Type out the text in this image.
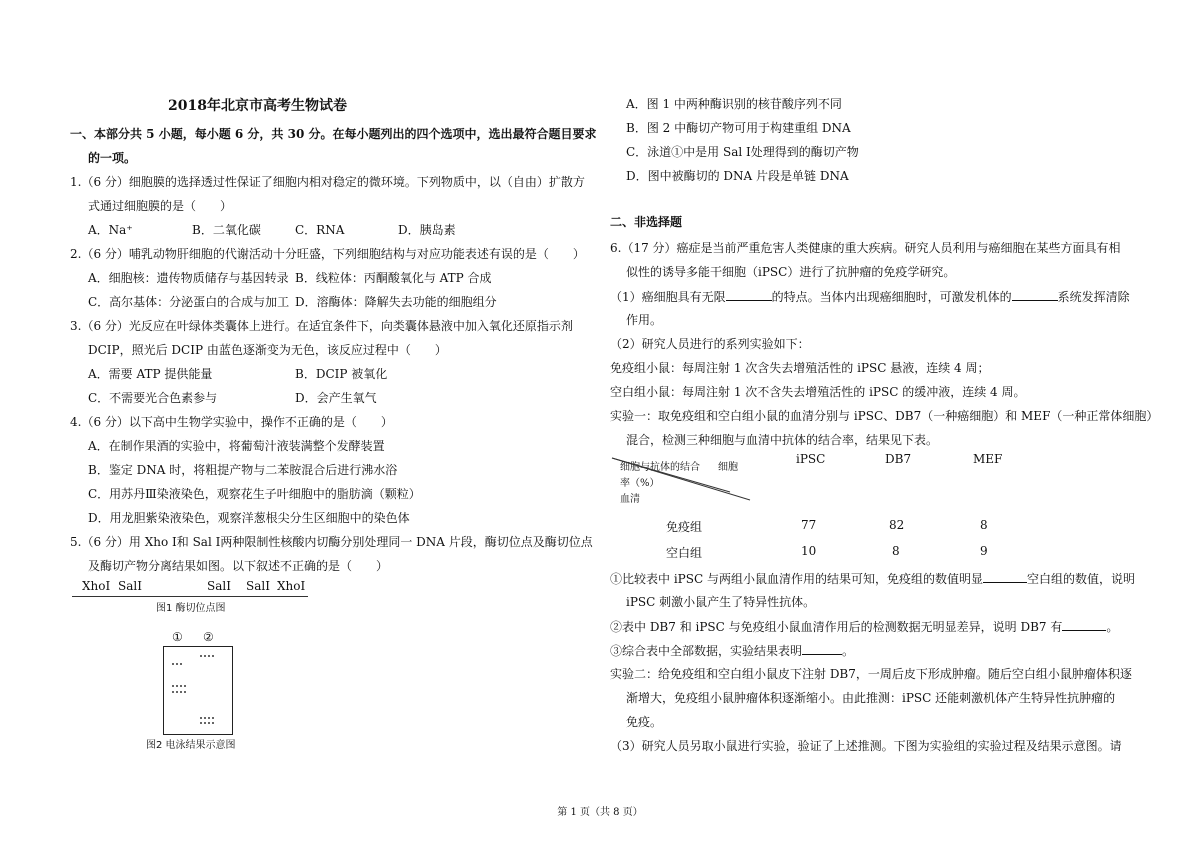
2018年北京市高考生物试卷
一、本部分共 5 小题，每小题 6 分，共 30 分。在每小题列出的四个选项中，选出最符合题目要求
的一项。
1.（6 分）细胞膜的选择透过性保证了细胞内相对稳定的微环境。下列物质中，以（自由）扩散方
式通过细胞膜的是（　　）
A．Na⁺	B．二氧化碳	C．RNA	D．胰岛素
2.（6 分）哺乳动物肝细胞的代谢活动十分旺盛，下列细胞结构与对应功能表述有误的是（　　）
A．细胞核：遗传物质储存与基因转录 B．线粒体：丙酮酸氧化与 ATP 合成
C．高尔基体：分泌蛋白的合成与加工 D．溶酶体：降解失去功能的细胞组分
3.（6 分）光反应在叶绿体类囊体上进行。在适宜条件下，向类囊体悬液中加入氧化还原指示剂
DCIP，照光后 DCIP 由蓝色逐渐变为无色，该反应过程中（　　）
A．需要 ATP 提供能量	B．DCIP 被氧化
C．不需要光合色素参与	D．会产生氧气
4.（6 分）以下高中生物学实验中，操作不正确的是（　　）
A．在制作果酒的实验中，将葡萄汁液装满整个发酵装置
B．鉴定 DNA 时，将粗提产物与二苯胺混合后进行沸水浴
C．用苏丹Ⅲ染液染色，观察花生子叶细胞中的脂肪滴（颗粒）
D．用龙胆紫染液染色，观察洋葱根尖分生区细胞中的染色体
5.（6 分）用 Xho Ⅰ和 Sal Ⅰ两种限制性核酸内切酶分别处理同一 DNA 片段，酶切位点及酶切位点
及酶切产物分离结果如图。以下叙述不正确的是（　　）
XhoⅠ SalⅠ	SalⅠ SalⅠ XhoⅠ
图1 酶切位点图
① ②
图2 电泳结果示意图
A．图 1 中两种酶识别的核苷酸序列不同
B．图 2 中酶切产物可用于构建重组 DNA
C．泳道①中是用 Sal Ⅰ处理得到的酶切产物
D．图中被酶切的 DNA 片段是单链 DNA
二、非选择题
6.（17 分）癌症是当前严重危害人类健康的重大疾病。研究人员利用与癌细胞在某些方面具有相
似性的诱导多能干细胞（iPSC）进行了抗肿瘤的免疫学研究。
（1）癌细胞具有无限	的特点。当体内出现癌细胞时，可激发机体的	系统发挥清除
作用。
（2）研究人员进行的系列实验如下：
免疫组小鼠：每周注射 1 次含失去增殖活性的 iPSC 悬液，连续 4 周；
空白组小鼠：每周注射 1 次不含失去增殖活性的 iPSC 的缓冲液，连续 4 周。
实验一：取免疫组和空白组小鼠的血清分别与 iPSC、DB7（一种癌细胞）和 MEF（一种正常体细胞）
混合，检测三种细胞与血清中抗体的结合率，结果见下表。
细胞与抗体的结合
率（%）
细胞
血清
iPSC	DB7	MEF
免疫组	77	82	8
空白组	10	8	9
①比较表中 iPSC 与两组小鼠血清作用的结果可知，免疫组的数值明显	空白组的数值，说明
iPSC 刺激小鼠产生了特异性抗体。
②表中 DB7 和 iPSC 与免疫组小鼠血清作用后的检测数据无明显差异，说明 DB7 有	。
③综合表中全部数据，实验结果表明	。
实验二：给免疫组和空白组小鼠皮下注射 DB7，一周后皮下形成肿瘤。随后空白组小鼠肿瘤体积逐
渐增大，免疫组小鼠肿瘤体积逐渐缩小。由此推测：iPSC 还能刺激机体产生特异性抗肿瘤的
免疫。
（3）研究人员另取小鼠进行实验，验证了上述推测。下图为实验组的实验过程及结果示意图。请
第 1 页（共 8 页）
